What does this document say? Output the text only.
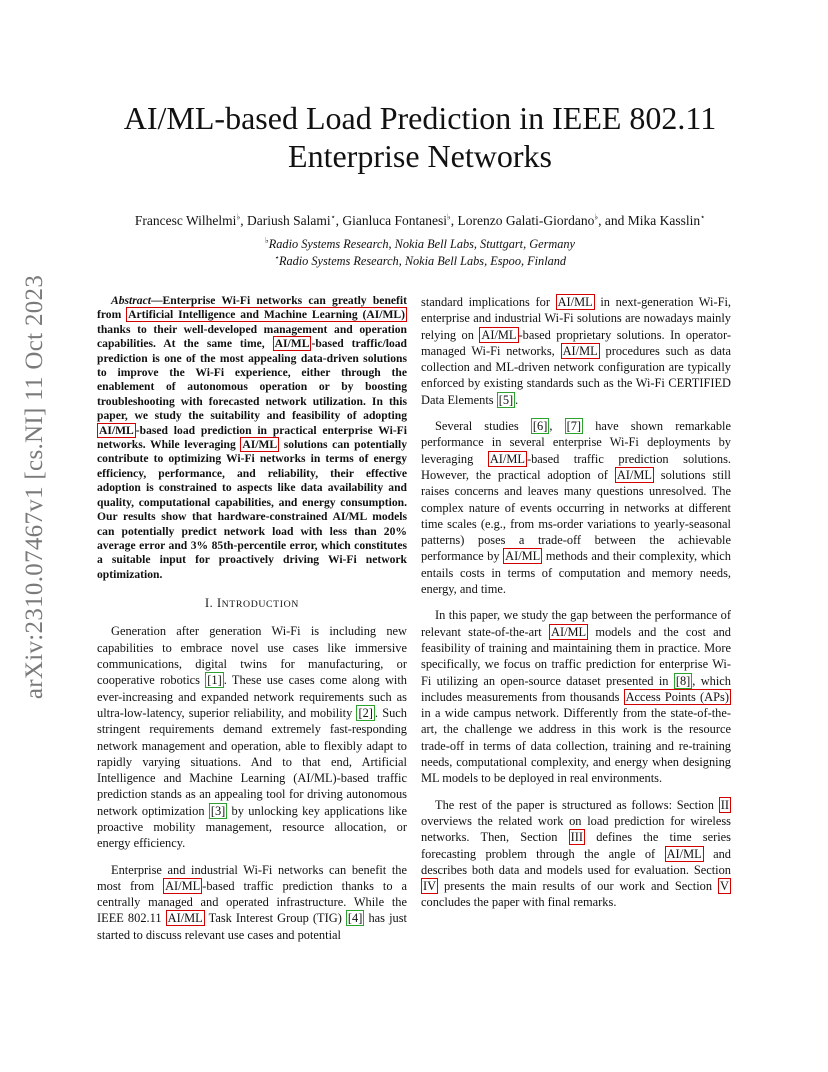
arXiv:2310.07467v1 [cs.NI] 11 Oct 2023
AI/ML-based Load Prediction in IEEE 802.11
Enterprise Networks
Francesc Wilhelmi♭, Dariush Salami⋆, Gianluca Fontanesi♭, Lorenzo Galati-Giordano♭, and Mika Kasslin⋆
♭Radio Systems Research, Nokia Bell Labs, Stuttgart, Germany
⋆Radio Systems Research, Nokia Bell Labs, Espoo, Finland

Abstract—Enterprise Wi-Fi networks can greatly benefit from Artificial Intelligence and Machine Learning (AI/ML) thanks to their well-developed management and operation capabilities. At the same time, AI/ML -based traffic/load prediction is one of the most appealing data-driven solutions to improve the Wi-Fi experience, either through the enablement of autonomous operation or by boosting troubleshooting with forecasted network utilization. In this paper, we study the suitability and feasibility of adopting AI/ML -based load prediction in practical enterprise Wi-Fi networks. While leveraging AI/ML solutions can potentially contribute to optimizing Wi-Fi networks in terms of energy efficiency, performance, and reliability, their effective adoption is constrained to aspects like data availability and quality, computational capabilities, and energy consumption. Our results show that hardware-constrained AI/ML models can potentially predict network load with less than 20% average error and 3% 85th-percentile error, which constitutes a suitable input for proactively driving Wi-Fi network optimization.

I. INTRODUCTION

Generation after generation Wi-Fi is including new capabilities to embrace novel use cases like immersive communications, digital twins for manufacturing, or cooperative robotics [1] . These use cases come along with ever-increasing and expanded network requirements such as ultra-low-latency, superior reliability, and mobility [2] . Such stringent requirements demand extremely fast-responding network management and operation, able to flexibly adapt to rapidly varying situations. And to that end, Artificial Intelligence and Machine Learning (AI/ML)-based traffic prediction stands as an appealing tool for driving autonomous network optimization [3] by unlocking key applications like proactive mobility management, resource allocation, or energy efficiency.

Enterprise and industrial Wi-Fi networks can benefit the most from AI/ML -based traffic prediction thanks to a centrally managed and operated infrastructure. While the IEEE 802.11 AI/ML Task Interest Group (TIG) [4] has just started to discuss relevant use cases and potential

standard implications for AI/ML in next-generation Wi-Fi, enterprise and industrial Wi-Fi solutions are nowadays mainly relying on AI/ML -based proprietary solutions. In operator-managed Wi-Fi networks, AI/ML procedures such as data collection and ML-driven network configuration are typically enforced by existing standards such as the Wi-Fi CERTIFIED Data Elements [5] .

Several studies [6] , [7] have shown remarkable performance in several enterprise Wi-Fi deployments by leveraging AI/ML -based traffic prediction solutions. However, the practical adoption of AI/ML solutions still raises concerns and leaves many questions unresolved. The complex nature of events occurring in networks at different time scales (e.g., from ms-order variations to yearly-seasonal patterns) poses a trade-off between the achievable performance by AI/ML methods and their complexity, which entails costs in terms of computation and memory needs, energy, and time.

In this paper, we study the gap between the performance of relevant state-of-the-art AI/ML models and the cost and feasibility of training and maintaining them in practice. More specifically, we focus on traffic prediction for enterprise Wi-Fi utilizing an open-source dataset presented in [8] , which includes measurements from thousands Access Points (APs) in a wide campus network. Differently from the state-of-the-art, the challenge we address in this work is the resource trade-off in terms of data collection, training and re-training needs, computational complexity, and energy when designing ML models to be deployed in real environments.

The rest of the paper is structured as follows: Section II overviews the related work on load prediction for wireless networks. Then, Section III defines the time series forecasting problem through the angle of AI/ML and describes both data and models used for evaluation. Section IV presents the main results of our work and Section V concludes the paper with final remarks.
